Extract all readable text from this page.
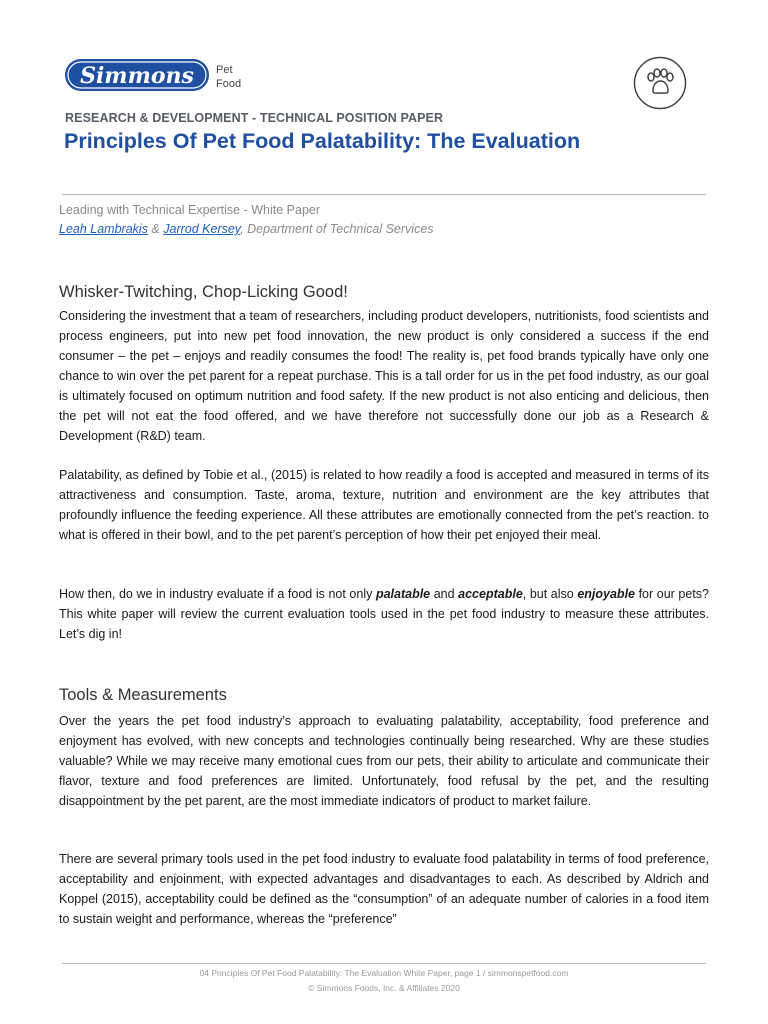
Simmons Pet
Food
RESEARCH & DEVELOPMENT - TECHNICAL POSITION PAPER
Principles Of Pet Food Palatability: The Evaluation
Leading with Technical Expertise - White Paper
Leah Lambrakis & Jarrod Kersey, Department of Technical Services
Whisker-Twitching, Chop-Licking Good!

Considering the investment that a team of researchers, including product developers, nutritionists, food scientists and process engineers, put into new pet food innovation, the new product is only considered a success if the end consumer – the pet – enjoys and readily consumes the food! The reality is, pet food brands typically have only one chance to win over the pet parent for a repeat purchase. This is a tall order for us in the pet food industry, as our goal is ultimately focused on optimum nutrition and food safety. If the new product is not also enticing and delicious, then the pet will not eat the food offered, and we have therefore not successfully done our job as a Research & Development (R&D) team.

Palatability, as defined by Tobie et al., (2015) is related to how readily a food is accepted and measured in terms of its attractiveness and consumption. Taste, aroma, texture, nutrition and environment are the key attributes that profoundly influence the feeding experience. All these attributes are emotionally connected from the pet’s reaction. to what is offered in their bowl, and to the pet parent’s perception of how their pet enjoyed their meal.

How then, do we in industry evaluate if a food is not only palatable and acceptable, but also enjoyable for our pets? This white paper will review the current evaluation tools used in the pet food industry to measure these attributes. Let’s dig in!

Tools & Measurements

Over the years the pet food industry’s approach to evaluating palatability, acceptability, food preference and enjoyment has evolved, with new concepts and technologies continually being researched. Why are these studies valuable? While we may receive many emotional cues from our pets, their ability to articulate and communicate their flavor, texture and food preferences are limited. Unfortunately, food refusal by the pet, and the resulting disappointment by the pet parent, are the most immediate indicators of product to market failure.

There are several primary tools used in the pet food industry to evaluate food palatability in terms of food preference, acceptability and enjoinment, with expected advantages and disadvantages to each. As described by Aldrich and Koppel (2015), acceptability could be defined as the “consumption” of an adequate number of calories in a food item to sustain weight and performance, whereas the “preference”

04 Principles Of Pet Food Palatability: The Evaluation White Paper, page 1 / simmonspetfood.com
© Simmons Foods, Inc. & Affiliates 2020
